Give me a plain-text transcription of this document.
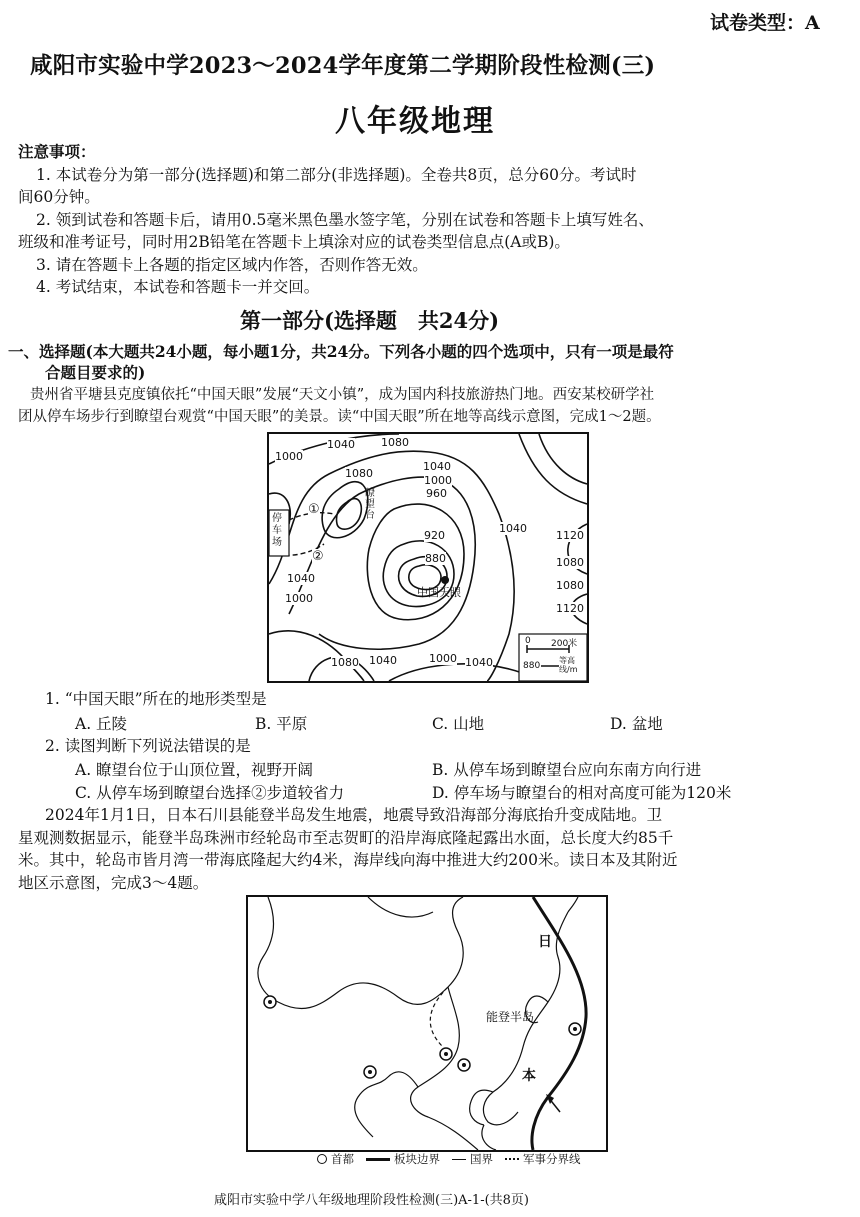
试卷类型：A
咸阳市实验中学2023～2024学年度第二学期阶段性检测(三)
八年级地理
注意事项：
1. 本试卷分为第一部分(选择题)和第二部分(非选择题)。全卷共8页，总分60分。考试时
间60分钟。
2. 领到试卷和答题卡后，请用0.5毫米黑色墨水签字笔，分别在试卷和答题卡上填写姓名、
班级和准考证号，同时用2B铅笔在答题卡上填涂对应的试卷类型信息点(A或B)。
3. 请在答题卡上各题的指定区域内作答，否则作答无效。
4. 考试结束，本试卷和答题卡一并交回。
第一部分(选择题　共24分)
一、选择题(本大题共24小题，每小题1分，共24分。下列各小题的四个选项中，只有一项是最符
合题目要求的)
贵州省平塘县克度镇依托“中国天眼”发展“天文小镇”，成为国内科技旅游热门地。西安某校研学社
团从停车场步行到瞭望台观赏“中国天眼”的美景。读“中国天眼”所在地等高线示意图，完成1～2题。
1040 1080
1000
1080
1040
1000
960
920
880
1040
1120
1080
1080
1120
1040
1000
1080 1040	1000 1040
停车场
瞭望台
①
②
中国天眼
0 200米
880
等高线/m
1. “中国天眼”所在的地形类型是
A. 丘陵	B. 平原	C. 山地	D. 盆地
2. 读图判断下列说法错误的是
A. 瞭望台位于山顶位置，视野开阔	B. 从停车场到瞭望台应向东南方向行进
C. 从停车场到瞭望台选择②步道较省力	D. 停车场与瞭望台的相对高度可能为120米
2024年1月1日，日本石川县能登半岛发生地震，地震导致沿海部分海底抬升变成陆地。卫
星观测数据显示，能登半岛珠洲市经轮岛市至志贺町的沿岸海底隆起露出水面，总长度大约85千
米。其中，轮岛市皆月湾一带海底隆起大约4米，海岸线向海中推进大约200米。读日本及其附近
地区示意图，完成3～4题。
日
本
能登半岛
首都	板块边界	国界	军事分界线
咸阳市实验中学八年级地理阶段性检测(三)A-1-(共8页)
